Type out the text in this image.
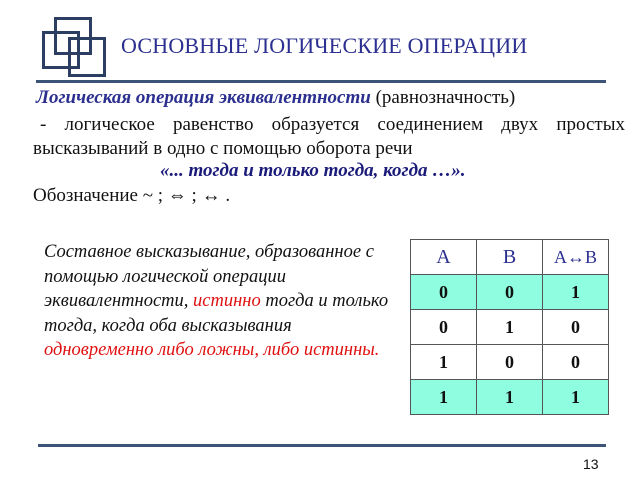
ОСНОВНЫЕ ЛОГИЧЕСКИЕ ОПЕРАЦИИ
Логическая операция эквивалентности (равнозначность)
- логическое равенство образуется соединением двух простых
высказываний в одно с помощью оборота речи
«... тогда и только тогда, когда …».
Обозначение ~ ; ⇔ ; ↔ .
Составное высказывание, образованное с помощью логической операции эквивалентности, истинно тогда и только тогда, когда оба высказывания одновременно либо ложны, либо истинны.
A	B	A↔B
0	0	1
0	1	0
1	0	0
1	1	1
13
